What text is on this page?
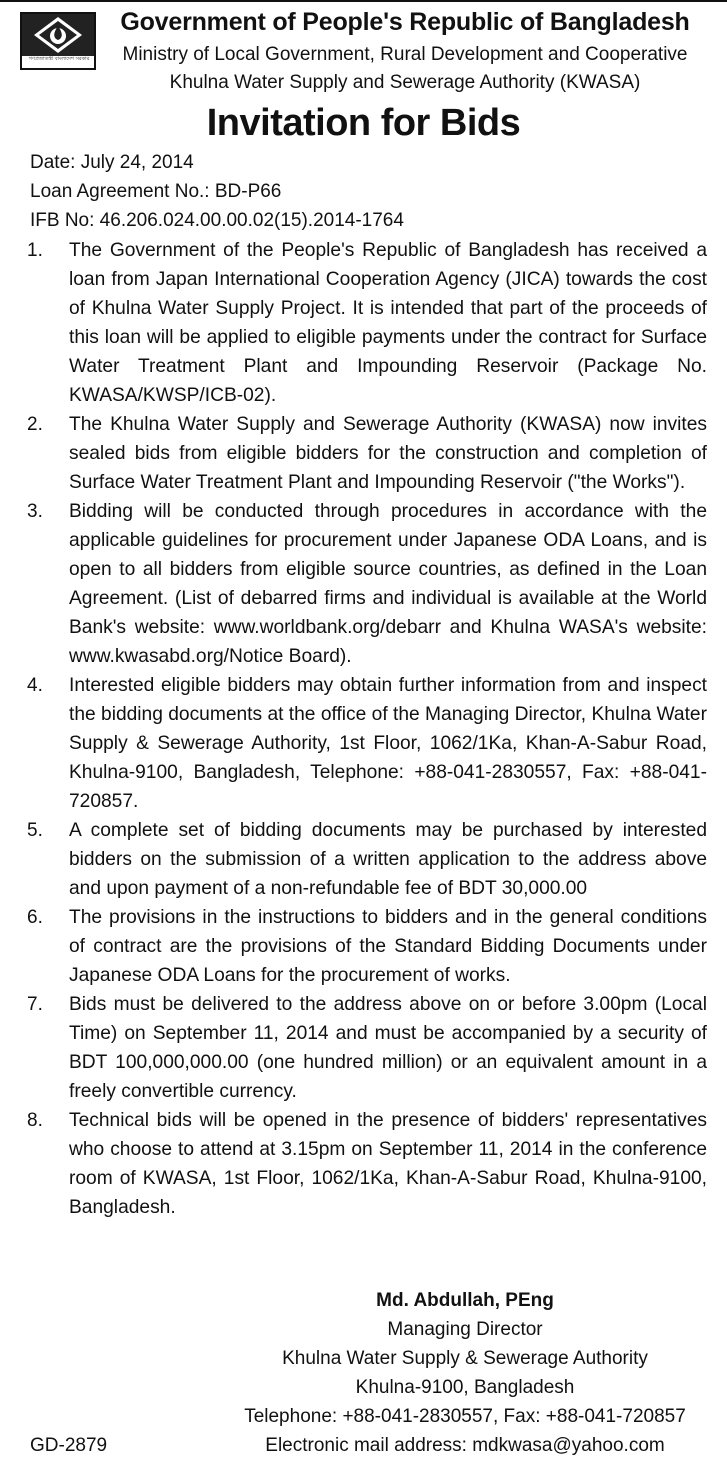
গণপ্রজাতন্ত্রী বাংলাদেশ সরকার
Government of People's Republic of Bangladesh
Ministry of Local Government, Rural Development and Cooperative
Khulna Water Supply and Sewerage Authority (KWASA)
Invitation for Bids
Date: July 24, 2014
Loan Agreement No.: BD-P66
IFB No: 46.206.024.00.00.02(15).2014-1764
1. The Government of the People's Republic of Bangladesh has received a loan from Japan International Cooperation Agency (JICA) towards the cost of Khulna Water Supply Project. It is intended that part of the proceeds of this loan will be applied to eligible payments under the contract for Surface Water Treatment Plant and Impounding Reservoir (Package No. KWASA/KWSP/ICB-02).
2. The Khulna Water Supply and Sewerage Authority (KWASA) now invites sealed bids from eligible bidders for the construction and completion of Surface Water Treatment Plant and Impounding Reservoir ("the Works").
3. Bidding will be conducted through procedures in accordance with the applicable guidelines for procurement under Japanese ODA Loans, and is open to all bidders from eligible source countries, as defined in the Loan Agreement. (List of debarred firms and individual is available at the World Bank's website: www.worldbank.org/debarr and Khulna WASA's website: www.kwasabd.org/Notice Board).
4. Interested eligible bidders may obtain further information from and inspect the bidding documents at the office of the Managing Director, Khulna Water Supply & Sewerage Authority, 1st Floor, 1062/1Ka, Khan-A-Sabur Road, Khulna-9100, Bangladesh, Telephone: +88-041-2830557, Fax: +88-041-720857.
5. A complete set of bidding documents may be purchased by interested bidders on the submission of a written application to the address above and upon payment of a non-refundable fee of BDT 30,000.00
6. The provisions in the instructions to bidders and in the general conditions of contract are the provisions of the Standard Bidding Documents under Japanese ODA Loans for the procurement of works.
7. Bids must be delivered to the address above on or before 3.00pm (Local Time) on September 11, 2014 and must be accompanied by a security of BDT 100,000,000.00 (one hundred million) or an equivalent amount in a freely convertible currency.
8. Technical bids will be opened in the presence of bidders' representatives who choose to attend at 3.15pm on September 11, 2014 in the conference room of KWASA, 1st Floor, 1062/1Ka, Khan-A-Sabur Road, Khulna-9100, Bangladesh.
Md. Abdullah, PEng
Managing Director
Khulna Water Supply & Sewerage Authority
Khulna-9100, Bangladesh
Telephone: +88-041-2830557, Fax: +88-041-720857
Electronic mail address: mdkwasa@yahoo.com
GD-2879
